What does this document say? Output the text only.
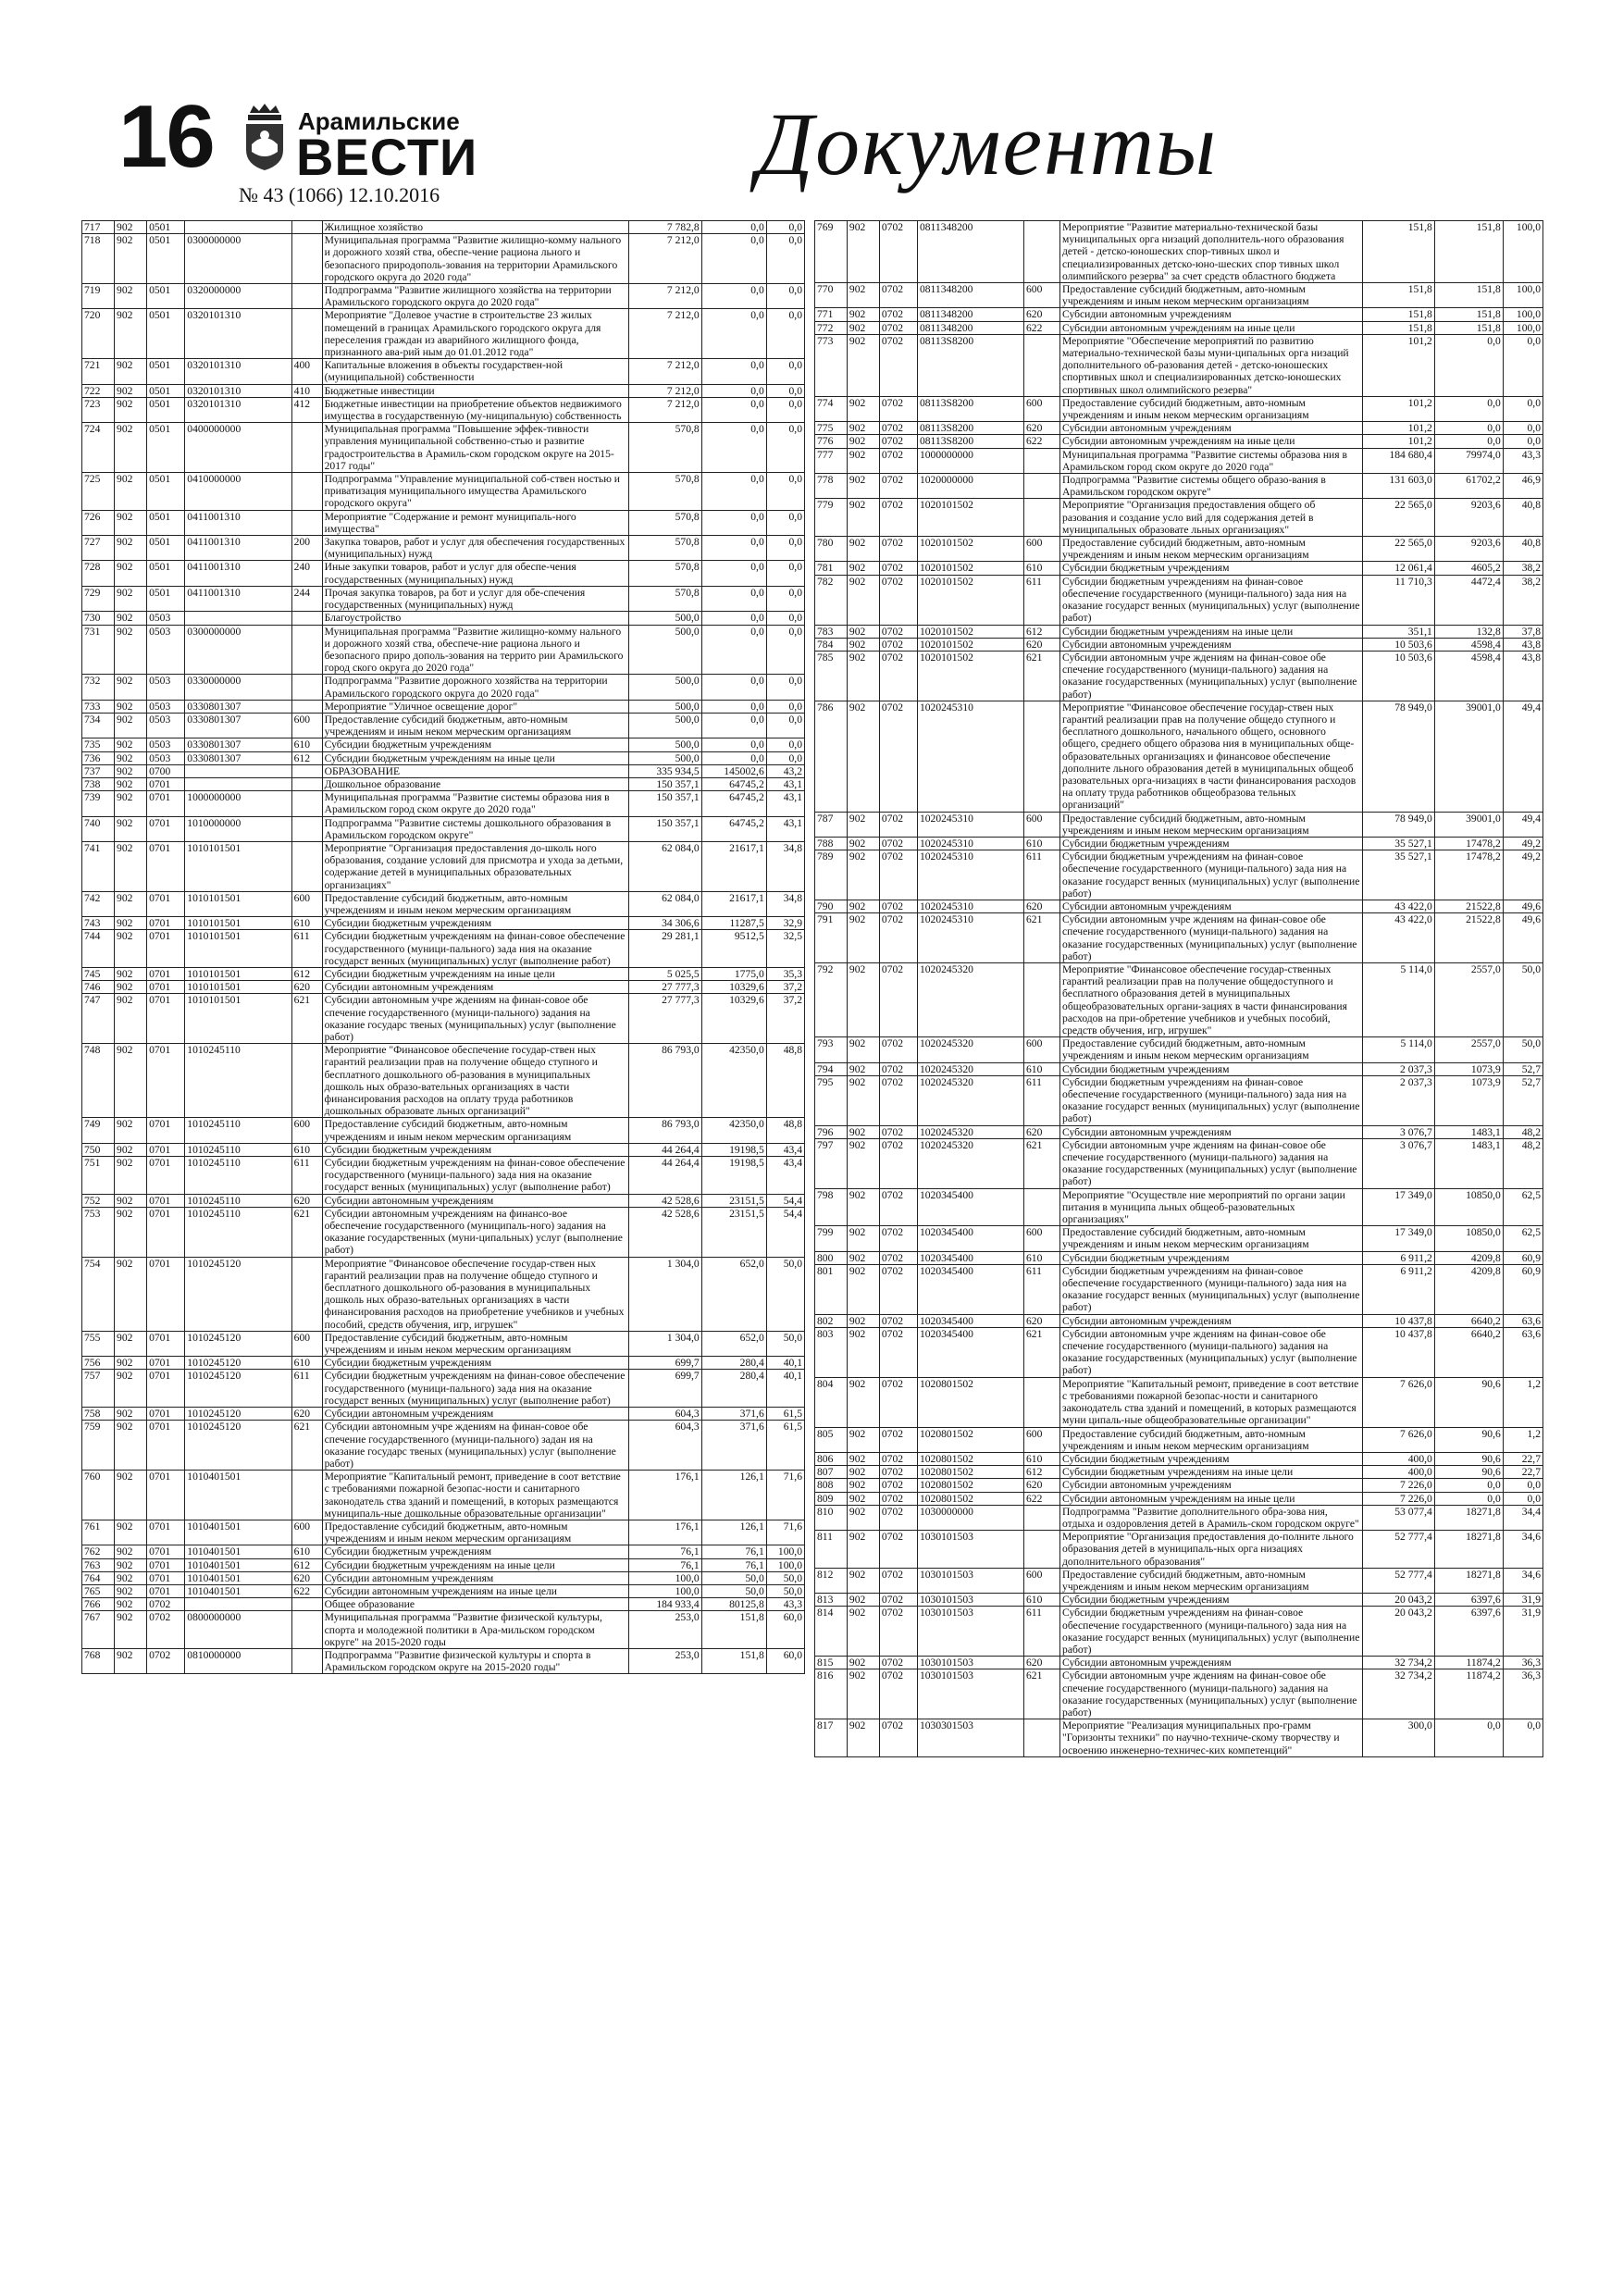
16	Арамильские
ВЕСТИ
№ 43 (1066) 12.10.2016
Документы
717	902	0501			Жилищное хозяйство	7 782,8	0,0	0,0
718	902	0501	0300000000		Муниципальная программа "Развитие жилищно-комму нального и дорожного хозяй ства, обеспе-чение рациона льного и безопасного природополь-зования на территории Арамильского городского округа до 2020 года"	7 212,0	0,0	0,0
719	902	0501	0320000000		Подпрограмма "Развитие жилищного хозяйства на территории Арамильского городского округа до 2020 года"	7 212,0	0,0	0,0
720	902	0501	0320101310		Мероприятие "Долевое участие в строительстве 23 жилых помещений в границах Арамильского городского округа для переселения граждан из аварийного жилищного фонда, признанного ава-рий ным до 01.01.2012 года"	7 212,0	0,0	0,0
721	902	0501	0320101310	400	Капитальные вложения в объекты государствен-ной (муниципальной) собственности	7 212,0	0,0	0,0
722	902	0501	0320101310	410	Бюджетные инвестиции	7 212,0	0,0	0,0
723	902	0501	0320101310	412	Бюджетные инвестиции на приобретение объектов недвижимого имущества в государственную (му-ниципальную) собственность	7 212,0	0,0	0,0
724	902	0501	0400000000		Муниципальная программа "Повышение эффек-тивности управления муниципальной собственно-стью и развитие градостроительства в Арамиль-ском городском округе на 2015-2017 годы"	570,8	0,0	0,0
725	902	0501	0410000000		Подпрограмма "Управление муниципальной соб-ствен ностью и приватизация муниципального имущества Арамильского городского округа"	570,8	0,0	0,0
726	902	0501	0411001310		Мероприятие "Содержание и ремонт муниципаль-ного имущества"	570,8	0,0	0,0
727	902	0501	0411001310	200	Закупка товаров, работ и услуг для обеспечения государственных (муниципальных) нужд	570,8	0,0	0,0
728	902	0501	0411001310	240	Иные закупки товаров, работ и услуг для обеспе-чения государственных (муниципальных) нужд	570,8	0,0	0,0
729	902	0501	0411001310	244	Прочая закупка товаров, ра бот и услуг для обе-спечения государственных (муниципальных) нужд	570,8	0,0	0,0
730	902	0503			Благоустройство	500,0	0,0	0,0
731	902	0503	0300000000		Муниципальная программа "Развитие жилищно-комму нального и дорожного хозяй ства, обеспече-ние рациона льного и безопасного приро дополь-зования на террито рии Арамильского город ского округа до 2020 года"	500,0	0,0	0,0
732	902	0503	0330000000		Подпрограмма "Развитие дорожного хозяйства на территории Арамильского городского округа до 2020 года"	500,0	0,0	0,0
733	902	0503	0330801307		Мероприятие "Уличное освещение дорог"	500,0	0,0	0,0
734	902	0503	0330801307	600	Предоставление субсидий бюджетным, авто-номным учреждениям и иным неком мерческим организациям	500,0	0,0	0,0
735	902	0503	0330801307	610	Субсидии бюджетным учреждениям	500,0	0,0	0,0
736	902	0503	0330801307	612	Субсидии бюджетным учреждениям на иные цели	500,0	0,0	0,0
737	902	0700			ОБРАЗОВАНИЕ	335 934,5	145002,6	43,2
738	902	0701			Дошкольное образование	150 357,1	64745,2	43,1
739	902	0701	1000000000		Муниципальная программа "Развитие системы образова ния в Арамильском город ском округе до 2020 года"	150 357,1	64745,2	43,1
740	902	0701	1010000000		Подпрограмма "Развитие системы дошкольного образования в Арамильском городском округе"	150 357,1	64745,2	43,1
741	902	0701	1010101501		Мероприятие "Организация предоставления до-школь ного образования, создание условий для присмотра и ухода за детьми, содержание детей в муниципальных образовательных организациях"	62 084,0	21617,1	34,8
742	902	0701	1010101501	600	Предоставление субсидий бюджетным, авто-номным учреждениям и иным неком мерческим организациям	62 084,0	21617,1	34,8
743	902	0701	1010101501	610	Субсидии бюджетным учреждениям	34 306,6	11287,5	32,9
744	902	0701	1010101501	611	Субсидии бюджетным учреждениям на финан-совое обеспечение государственного (муници-пального) зада ния на оказание государст венных (муниципальных) услуг (выполнение работ)	29 281,1	9512,5	32,5
745	902	0701	1010101501	612	Субсидии бюджетным учреждениям на иные цели	5 025,5	1775,0	35,3
746	902	0701	1010101501	620	Субсидии автономным учреждениям	27 777,3	10329,6	37,2
747	902	0701	1010101501	621	Субсидии автономным учре ждениям на финан-совое обе спечение государственного (муници-пального) задания на оказание государс твеных (муниципальных) услуг (выполнение работ)	27 777,3	10329,6	37,2
748	902	0701	1010245110		Мероприятие "Финансовое обеспечение государ-ствен ных гарантий реализации прав на получение общедо ступного и бесплатного дошкольного об-разования в муниципальных дошколь ных образо-вательных организациях в части финансирования расходов на оплату труда работников дошкольных образовате льных организаций"	86 793,0	42350,0	48,8
749	902	0701	1010245110	600	Предоставление субсидий бюджетным, авто-номным учреждениям и иным неком мерческим организациям	86 793,0	42350,0	48,8
750	902	0701	1010245110	610	Субсидии бюджетным учреждениям	44 264,4	19198,5	43,4
751	902	0701	1010245110	611	Субсидии бюджетным учреждениям на финан-совое обеспечение государственного (муници-пального) зада ния на оказание государст венных (муниципальных) услуг (выполнение работ)	44 264,4	19198,5	43,4
752	902	0701	1010245110	620	Субсидии автономным учреждениям	42 528,6	23151,5	54,4
753	902	0701	1010245110	621	Субсидии автономным учреждениям на финансо-вое обеспечение государственного (муниципаль-ного) задания на оказание государственных (муни-ципальных) услуг (выполнение работ)	42 528,6	23151,5	54,4
754	902	0701	1010245120		Мероприятие "Финансовое обеспечение государ-ствен ных гарантий реализации прав на получение общедо ступного и бесплатного дошкольного об-разования в муниципальных дошколь ных образо-вательных организациях в части финансирования расходов на приобретение учебников и учебных пособий, средств обучения, игр, игрушек"	1 304,0	652,0	50,0
755	902	0701	1010245120	600	Предоставление субсидий бюджетным, авто-номным учреждениям и иным неком мерческим организациям	1 304,0	652,0	50,0
756	902	0701	1010245120	610	Субсидии бюджетным учреждениям	699,7	280,4	40,1
757	902	0701	1010245120	611	Субсидии бюджетным учреждениям на финан-совое обеспечение государственного (муници-пального) зада ния на оказание государст венных (муниципальных) услуг (выполнение работ)	699,7	280,4	40,1
758	902	0701	1010245120	620	Субсидии автономным учреждениям	604,3	371,6	61,5
759	902	0701	1010245120	621	Субсидии автономным учре ждениям на финан-совое обе спечение государственного (муници-пального) задан ия на оказание государс твеных (муниципальных) услуг (выполнение работ)	604,3	371,6	61,5
760	902	0701	1010401501		Мероприятие "Капитальный ремонт, приведение в соот ветствие с требованиями пожарной безопас-ности и санитарного законодатель ства зданий и помещений, в которых размещаются муниципаль-ные дошкольные образовательные организации"	176,1	126,1	71,6
761	902	0701	1010401501	600	Предоставление субсидий бюджетным, авто-номным учреждениям и иным неком мерческим организациям	176,1	126,1	71,6
762	902	0701	1010401501	610	Субсидии бюджетным учреждениям	76,1	76,1	100,0
763	902	0701	1010401501	612	Субсидии бюджетным учреждениям на иные цели	76,1	76,1	100,0
764	902	0701	1010401501	620	Субсидии автономным учреждениям	100,0	50,0	50,0
765	902	0701	1010401501	622	Субсидии автономным учреждениям на иные цели	100,0	50,0	50,0
766	902	0702			Общее образование	184 933,4	80125,8	43,3
767	902	0702	0800000000		Муниципальная программа "Развитие физической культуры, спорта и молодежной политики в Ара-мильском городском округе" на 2015-2020 годы	253,0	151,8	60,0
768	902	0702	0810000000		Подпрограмма "Развитие физической культуры и спорта в Арамильском городском округе на 2015-2020 годы"	253,0	151,8	60,0
769	902	0702	0811348200		Мероприятие "Развитие материально-технической базы муниципальных орга низаций дополнитель-ного образования детей - детско-юношеских спор-тивных школ и специализированных детско-юно-шеских спор тивных школ олимпийского резерва" за счет средств областного бюджета	151,8	151,8	100,0
770	902	0702	0811348200	600	Предоставление субсидий бюджетным, авто-номным учреждениям и иным неком мерческим организациям	151,8	151,8	100,0
771	902	0702	0811348200	620	Субсидии автономным учреждениям	151,8	151,8	100,0
772	902	0702	0811348200	622	Субсидии автономным учреждениям на иные цели	151,8	151,8	100,0
773	902	0702	08113S8200		Мероприятие "Обеспечение мероприятий по развитию материально-технической базы муни-ципальных орга низаций дополнительного об-разования детей - детско-юношеских спортивных школ и специализированных детско-юношеских спортивных школ олимпийского резерва"	101,2	0,0	0,0
774	902	0702	08113S8200	600	Предоставление субсидий бюджетным, авто-номным учреждениям и иным неком мерческим организациям	101,2	0,0	0,0
775	902	0702	08113S8200	620	Субсидии автономным учреждениям	101,2	0,0	0,0
776	902	0702	08113S8200	622	Субсидии автономным учреждениям на иные цели	101,2	0,0	0,0
777	902	0702	1000000000		Муниципальная программа "Развитие системы образова ния в Арамильском город ском округе до 2020 года"	184 680,4	79974,0	43,3
778	902	0702	1020000000		Подпрограмма "Развитие системы общего образо-вания в Арамильском городском округе"	131 603,0	61702,2	46,9
779	902	0702	1020101502		Мероприятие "Организация предоставления общего об разования и создание усло вий для содержания детей в муниципальных образовате льных организациях"	22 565,0	9203,6	40,8
780	902	0702	1020101502	600	Предоставление субсидий бюджетным, авто-номным учреждениям и иным неком мерческим организациям	22 565,0	9203,6	40,8
781	902	0702	1020101502	610	Субсидии бюджетным учреждениям	12 061,4	4605,2	38,2
782	902	0702	1020101502	611	Субсидии бюджетным учреждениям на финан-совое обеспечение государственного (муници-пального) зада ния на оказание государст венных (муниципальных) услуг (выполнение работ)	11 710,3	4472,4	38,2
783	902	0702	1020101502	612	Субсидии бюджетным учреждениям на иные цели	351,1	132,8	37,8
784	902	0702	1020101502	620	Субсидии автономным учреждениям	10 503,6	4598,4	43,8
785	902	0702	1020101502	621	Субсидии автономным учре ждениям на финан-совое обе спечение государственного (муници-пального) задания на оказание государственных (муниципальных) услуг (выполнение работ)	10 503,6	4598,4	43,8
786	902	0702	1020245310		Мероприятие "Финансовое обеспечение государ-ствен ных гарантий реализации прав на получение общедо ступного и бесплатного дошкольного, начального общего, основного общего, среднего общего образова ния в муниципальных обще-образовательных организациях и финансовое обеспечение дополните льного образования детей в муниципальных общеоб разовательных орга-низациях в части финансирования расходов на оплату труда работников общеобразова тельных организаций"	78 949,0	39001,0	49,4
787	902	0702	1020245310	600	Предоставление субсидий бюджетным, авто-номным учреждениям и иным неком мерческим организациям	78 949,0	39001,0	49,4
788	902	0702	1020245310	610	Субсидии бюджетным учреждениям	35 527,1	17478,2	49,2
789	902	0702	1020245310	611	Субсидии бюджетным учреждениям на финан-совое обеспечение государственного (муници-пального) зада ния на оказание государст венных (муниципальных) услуг (выполнение работ)	35 527,1	17478,2	49,2
790	902	0702	1020245310	620	Субсидии автономным учреждениям	43 422,0	21522,8	49,6
791	902	0702	1020245310	621	Субсидии автономным учре ждениям на финан-совое обе спечение государственного (муници-пального) задания на оказание государственных (муниципальных) услуг (выполнение работ)	43 422,0	21522,8	49,6
792	902	0702	1020245320		Мероприятие "Финансовое обеспечение государ-ственных гарантий реализации прав на получение общедоступного и бесплатного образования детей в муниципальных общеобразовательных органи-зациях в части финансирования расходов на при-обретение учебников и учебных пособий, средств обучения, игр, игрушек"	5 114,0	2557,0	50,0
793	902	0702	1020245320	600	Предоставление субсидий бюджетным, авто-номным учреждениям и иным неком мерческим организациям	5 114,0	2557,0	50,0
794	902	0702	1020245320	610	Субсидии бюджетным учреждениям	2 037,3	1073,9	52,7
795	902	0702	1020245320	611	Субсидии бюджетным учреждениям на финан-совое обеспечение государственного (муници-пального) зада ния на оказание государст венных (муниципальных) услуг (выполнение работ)	2 037,3	1073,9	52,7
796	902	0702	1020245320	620	Субсидии автономным учреждениям	3 076,7	1483,1	48,2
797	902	0702	1020245320	621	Субсидии автономным учре ждениям на финан-совое обе спечение государственного (муници-пального) задания на оказание государственных (муниципальных) услуг (выполнение работ)	3 076,7	1483,1	48,2
798	902	0702	1020345400		Мероприятие "Осуществле ние мероприятий по органи зации питания в муниципа льных общеоб-разовательных организациях"	17 349,0	10850,0	62,5
799	902	0702	1020345400	600	Предоставление субсидий бюджетным, авто-номным учреждениям и иным неком мерческим организациям	17 349,0	10850,0	62,5
800	902	0702	1020345400	610	Субсидии бюджетным учреждениям	6 911,2	4209,8	60,9
801	902	0702	1020345400	611	Субсидии бюджетным учреждениям на финан-совое обеспечение государственного (муници-пального) зада ния на оказание государст венных (муниципальных) услуг (выполнение работ)	6 911,2	4209,8	60,9
802	902	0702	1020345400	620	Субсидии автономным учреждениям	10 437,8	6640,2	63,6
803	902	0702	1020345400	621	Субсидии автономным учре ждениям на финан-совое обе спечение государственного (муници-пального) задания на оказание государственных (муниципальных) услуг (выполнение работ)	10 437,8	6640,2	63,6
804	902	0702	1020801502		Мероприятие "Капитальный ремонт, приведение в соот ветствие с требованиями пожарной безопас-ности и санитарного законодатель ства зданий и помещений, в которых размещаются муни ципаль-ные общеобразовательные организации"	7 626,0	90,6	1,2
805	902	0702	1020801502	600	Предоставление субсидий бюджетным, авто-номным учреждениям и иным неком мерческим организациям	7 626,0	90,6	1,2
806	902	0702	1020801502	610	Субсидии бюджетным учреждениям	400,0	90,6	22,7
807	902	0702	1020801502	612	Субсидии бюджетным учреждениям на иные цели	400,0	90,6	22,7
808	902	0702	1020801502	620	Субсидии автономным учреждениям	7 226,0	0,0	0,0
809	902	0702	1020801502	622	Субсидии автономным учреждениям на иные цели	7 226,0	0,0	0,0
810	902	0702	1030000000		Подпрограмма "Развитие дополнительного обра-зова ния, отдыха и оздоровления детей в Арамиль-ском городском округе"	53 077,4	18271,8	34,4
811	902	0702	1030101503		Мероприятие "Организация предоставления до-полните льного образования детей в муниципаль-ных орга низациях дополнительного образования"	52 777,4	18271,8	34,6
812	902	0702	1030101503	600	Предоставление субсидий бюджетным, авто-номным учреждениям и иным неком мерческим организациям	52 777,4	18271,8	34,6
813	902	0702	1030101503	610	Субсидии бюджетным учреждениям	20 043,2	6397,6	31,9
814	902	0702	1030101503	611	Субсидии бюджетным учреждениям на финан-совое обеспечение государственного (муници-пального) зада ния на оказание государст венных (муниципальных) услуг (выполнение работ)	20 043,2	6397,6	31,9
815	902	0702	1030101503	620	Субсидии автономным учреждениям	32 734,2	11874,2	36,3
816	902	0702	1030101503	621	Субсидии автономным учре ждениям на финан-совое обе спечение государственного (муници-пального) задания на оказание государственных (муниципальных) услуг (выполнение работ)	32 734,2	11874,2	36,3
817	902	0702	1030301503		Мероприятие "Реализация муниципальных про-грамм "Горизонты техники" по научно-техниче-скому творчеству и освоению инженерно-техничес-ких компетенций"	300,0	0,0	0,0
